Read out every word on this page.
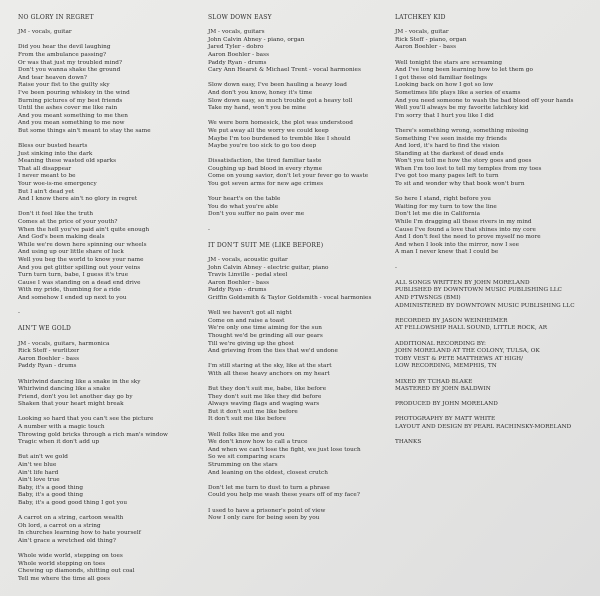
NO GLORY IN REGRET
JM - vocals, guitar
Did you hear the devil laughing
From the ambulance passing?
Or was that just my troubled mind?
Don't you wanna shake the ground
And tear heaven down?
Raise your fist to the guilty sky
I've been pouring whiskey in the wind
Burning pictures of my best friends
Until the ashes cover me like rain
And you meant something to me then
And you mean something to me now
But some things ain't meant to stay the same
Bless our busted hearts
Just sinking into the dark
Meaning these wasted old sparks
That all disappear
I never meant to be
Your woe-is-me emergency
But I ain't dead yet
And I know there ain't no glory in regret
Don't it feel like the truth
Comes at the price of your youth?
When the hell you've paid ain't quite enough
And God's been making deals
While we're down here spinning our wheels
And using up our little share of luck
Well you beg the world to know your name
And you get glitter spilling out your veins
Turn turn turn, babe, I guess it's true
Cause I was standing on a dead end drive
With my pride, thumbing for a ride
And somehow I ended up next to you
-
AIN'T WE GOLD
JM - vocals, guitars, harmonica
Rick Steff - wurlitzer
Aaron Boehler - bass
Paddy Ryan - drums
Whirlwind dancing like a snake in the sky
Whirlwind dancing like a snake
Friend, don't you let another day go by
Shaken that your heart might break
Looking so hard that you can't see the picture
A number with a magic touch
Throwing gold bricks through a rich man's window
Tragic when it don't add up
But ain't we gold
Ain't we blue
Ain't life hard
Ain't love true
Baby, it's a good thing
Baby, it's a good thing
Baby, it's a good good thing I got you
A carrot on a string, cartoon wealth
Oh lord, a carrot on a string
In churches learning how to hate yourself
Ain't grace a wretched old thing?
Whole wide world, stepping on toes
Whole world stepping on toes
Chewing up diamonds, shitting out coal
Tell me where the time all goes
SLOW DOWN EASY
JM - vocals, guitars
John Calvin Abney - piano, organ
Jared Tyler - dobro
Aaron Boehler - bass
Paddy Ryan - drums
Cary Ann Hearst & Michael Trent - vocal harmonies
Slow down easy, I've been hauling a heavy load
And don't you know, honey it's time
Slow down easy, so much trouble got a heavy toll
Take my hand, won't you be mine
We were born homesick, the plot was understood
We put away all the worry we could keep
Maybe I'm too burdened to tremble like I should
Maybe you're too sick to go too deep
Dissatisfaction, the tired familiar taste
Coughing up bad blood in every rhyme
Come on young savior, don't let your fever go to waste
You got seven arms for new age crimes
Your heart's on the table
You do what you're able
Don't you suffer no pain over me
-
IT DON'T SUIT ME (LIKE BEFORE)
JM - vocals, acoustic guitar
John Calvin Abney - electric guitar, piano
Travis Linville - pedal steel
Aaron Boehler - bass
Paddy Ryan - drums
Griffin Goldsmith & Taylor Goldsmith - vocal harmonies
Well we haven't got all night
Come on and raise a toast
We're only one time aiming for the sun
Thought we'd be grinding all our gears
Till we're giving up the ghost
And grieving from the ties that we'd undone
I'm still staring at the sky, like at the start
With all these heavy anchors on my heart
But they don't suit me, babe, like before
They don't suit me like they did before
Always waving flags and waging wars
But it don't suit me like before
It don't suit me like before
Well folks like me and you
We don't know how to call a truce
And when we can't lose the fight, we just lose touch
So we sit comparing scars
Strumming on the stars
And leaning on the oldest, closest crutch
Don't let me turn to dust to turn a phrase
Could you help me wash these years off of my face?
I used to have a prisoner's point of view
Now I only care for being seen by you
LATCHKEY KID
JM - vocals, guitar
Rick Steff - piano, organ
Aaron Boehler - bass
Well tonight the stars are screaming
And I've long been learning how to let them go
I got these old familiar feelings
Looking back on how I got so low
Sometimes life plays like a series of exams
And you need someone to wash the bad blood off your hands
Well you'll always be my favorite latchkey kid
I'm sorry that I hurt you like I did
There's something wrong, something missing
Something I've seen inside my friends
And lord, it's hard to find the vision
Standing at the darkest of dead ends
Won't you tell me how the story goes and goes
When I'm too lost to tell my temples from my toes
I've got too many pages left to turn
To sit and wonder why that book won't burn
So here I stand, right before you
Waiting for my turn to tow the line
Don't let me die in California
While I'm dragging all these rivers in my mind
Cause I've found a love that shines into my core
And I don't feel the need to prove myself no more
And when I look into the mirror, now I see
A man I never knew that I could be
-
ALL SONGS WRITTEN BY JOHN MORELAND
PUBLISHED BY DOWNTOWN MUSIC PUBLISHING LLC
AND FTWSNGS (BMI)
ADMINISTERED BY DOWNTOWN MUSIC PUBLISHING LLC
RECORDED BY JASON WEINHEIMER
AT FELLOWSHIP HALL SOUND, LITTLE ROCK, AR
ADDITIONAL RECORDING BY:
JOHN MORELAND AT THE COLONY, TULSA, OK
TOBY VEST & PETE MATTHEWS AT HIGH/
LOW RECORDING, MEMPHIS, TN
MIXED BY TCHAD BLAKE
MASTERED BY JOHN BALDWIN
PRODUCED BY JOHN MORELAND
PHOTOGRAPHY BY MATT WHITE
LAYOUT AND DESIGN BY PEARL RACHINSKY-MORELAND
THANKS
